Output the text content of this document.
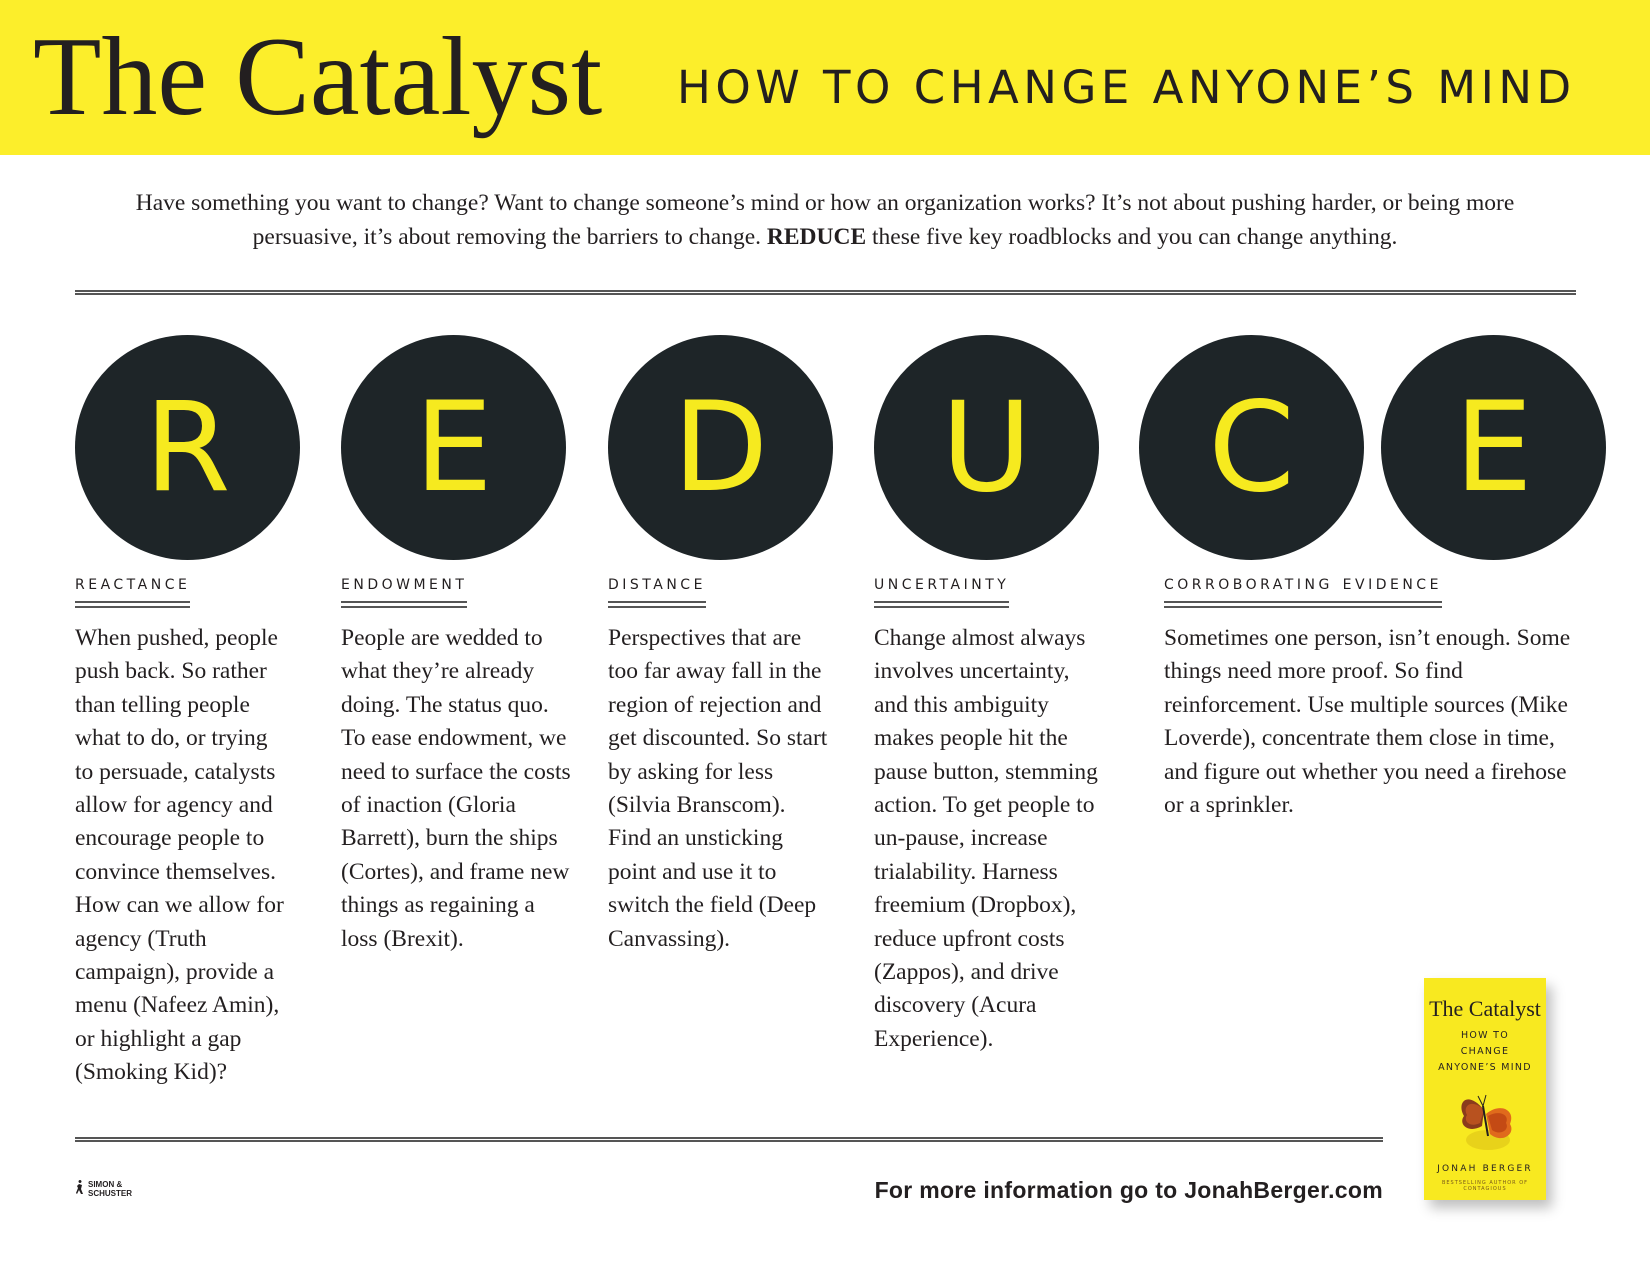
The Catalyst HOW TO CHANGE ANYONE’S MIND

Have something you want to change? Want to change someone’s mind or how an organization works? It’s not about pushing harder, or being more persuasive, it’s about removing the barriers to change. REDUCE these five key roadblocks and you can change anything.

R	E	D	U	C	E
reactance

When pushed, people push back. So rather than telling people what to do, or trying to persuade, catalysts allow for agency and encourage people to convince themselves. How can we allow for agency (Truth campaign), provide a menu (Nafeez Amin), or highlight a gap (Smoking Kid)?

endowment

People are wedded to what they’re already doing. The status quo. To ease endowment, we need to surface the costs of inaction (Gloria Barrett), burn the ships (Cortes), and frame new things as regaining a loss (Brexit).

distance

Perspectives that are too far away fall in the region of rejection and get discounted. So start by asking for less (Silvia Branscom). Find an unsticking point and use it to switch the field (Deep Canvassing).

uncertainty

Change almost always involves uncertainty, and this ambiguity makes people hit the pause button, stemming action. To get people to un-pause, increase trialability. Harness freemium (Dropbox), reduce upfront costs (Zappos), and drive discovery (Acura Experience).

corroborating evidence

Sometimes one person, isn’t enough. Some things need more proof. So find reinforcement. Use multiple sources (Mike Loverde), concentrate them close in time, and figure out whether you need a firehose or a sprinkler.

SIMON & SCHUSTER	For more information go to JonahBerger.com

The Catalyst
HOW TO CHANGE ANYONE’S MIND
JONAH BERGER
BESTSELLING AUTHOR OF CONTAGIOUS
